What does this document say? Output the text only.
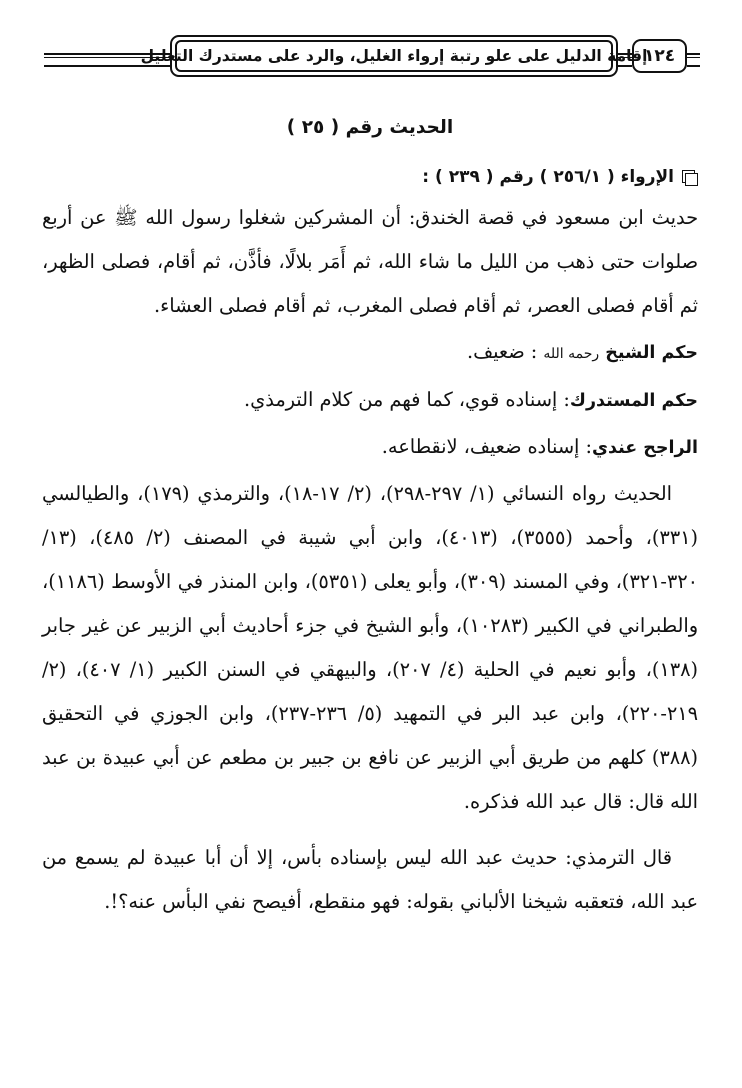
١٢٤
إقامة الدليل على علو رتبة إرواء الغليل، والرد على مستدرك التعليل
الحديث رقم ( ٢٥ )
الإرواء ( ٢٥٦/١ ) رقم ( ٢٣٩ ) :

حديث ابن مسعود في قصة الخندق: أن المشركين شغلوا رسول الله ﷺ عن أربع صلوات حتى ذهب من الليل ما شاء الله، ثم أَمَر بلالًا، فأذَّن، ثم أقام، فصلى الظهر، ثم أقام فصلى العصر، ثم أقام فصلى المغرب، ثم أقام فصلى العشاء.

حكم الشيخ رحمه الله : ضعيف.

حكم المستدرك: إسناده قوي، كما فهم من كلام الترمذي.

الراجح عندي: إسناده ضعيف، لانقطاعه.

الحديث رواه النسائي (١/ ٢٩٧-٢٩٨)، (٢/ ١٧-١٨)، والترمذي (١٧٩)، والطيالسي (٣٣١)، وأحمد (٣٥٥٥)، (٤٠١٣)، وابن أبي شيبة في المصنف (٢/ ٤٨٥)، (١٣/ ٣٢٠-٣٢١)، وفي المسند (٣٠٩)، وأبو يعلى (٥٣٥١)، وابن المنذر في الأوسط (١١٨٦)، والطبراني في الكبير (١٠٢٨٣)، وأبو الشيخ في جزء أحاديث أبي الزبير عن غير جابر (١٣٨)، وأبو نعيم في الحلية (٤/ ٢٠٧)، والبيهقي في السنن الكبير (١/ ٤٠٧)، (٢/ ٢١٩-٢٢٠)، وابن عبد البر في التمهيد (٥/ ٢٣٦-٢٣٧)، وابن الجوزي في التحقيق (٣٨٨) كلهم من طريق أبي الزبير عن نافع بن جبير بن مطعم عن أبي عبيدة بن عبد الله قال: قال عبد الله فذكره.

قال الترمذي: حديث عبد الله ليس بإسناده بأس، إلا أن أبا عبيدة لم يسمع من عبد الله، فتعقبه شيخنا الألباني بقوله: فهو منقطع، أفيصح نفي البأس عنه؟!.
